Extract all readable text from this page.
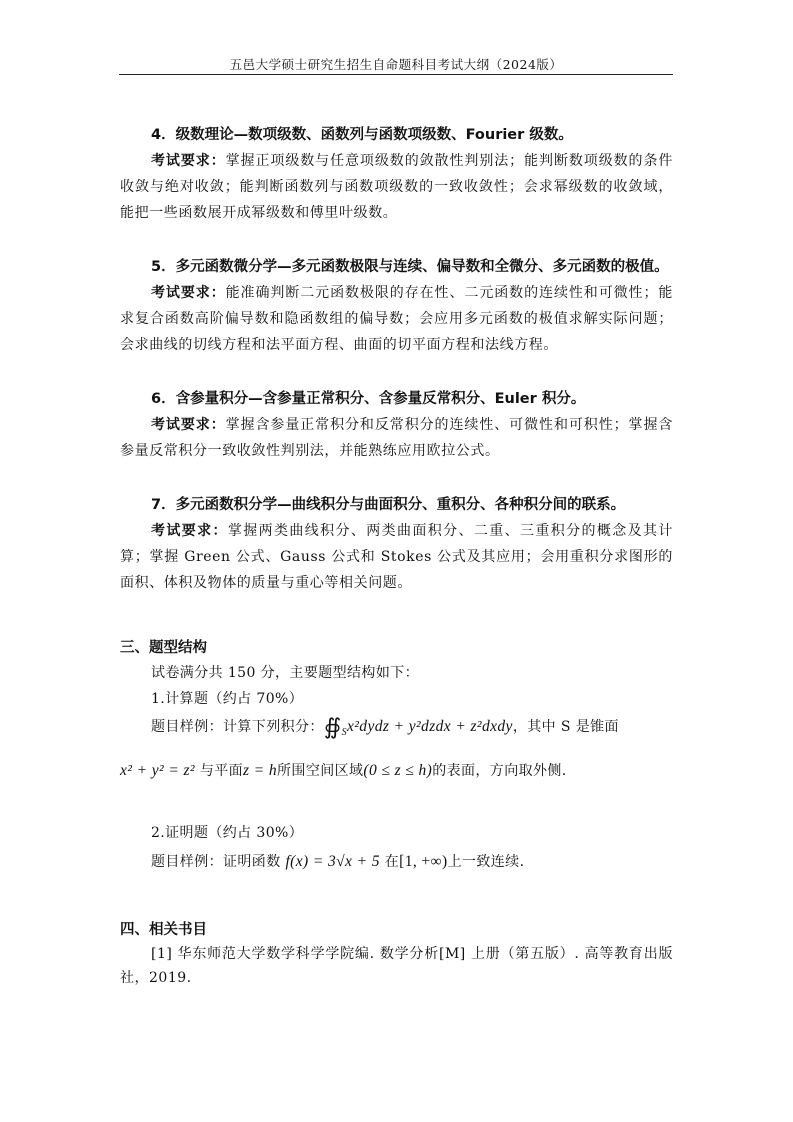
五邑大学硕士研究生招生自命题科目考试大纲（2024版）

4．级数理论—数项级数、函数列与函数项级数、Fourier 级数。

考试要求：掌握正项级数与任意项级数的敛散性判别法；能判断数项级数的条件收敛与绝对收敛；能判断函数列与函数项级数的一致收敛性；会求幂级数的收敛域，能把一些函数展开成幂级数和傅里叶级数。

5．多元函数微分学—多元函数极限与连续、偏导数和全微分、多元函数的极值。

考试要求：能准确判断二元函数极限的存在性、二元函数的连续性和可微性；能求复合函数高阶偏导数和隐函数组的偏导数；会应用多元函数的极值求解实际问题；会求曲线的切线方程和法平面方程、曲面的切平面方程和法线方程。

6．含参量积分—含参量正常积分、含参量反常积分、Euler 积分。

考试要求：掌握含参量正常积分和反常积分的连续性、可微性和可积性；掌握含参量反常积分一致收敛性判别法，并能熟练应用欧拉公式。

7．多元函数积分学—曲线积分与曲面积分、重积分、各种积分间的联系。

考试要求：掌握两类曲线积分、两类曲面积分、二重、三重积分的概念及其计算；掌握 Green 公式、Gauss 公式和 Stokes 公式及其应用；会用重积分求图形的面积、体积及物体的质量与重心等相关问题。

三、题型结构

试卷满分共 150 分，主要题型结构如下：

1.计算题（约占 70%）

题目样例：计算下列积分：$∯_Sx^2dydz$ + y²dzdx + z²dxdy，其中 S 是锥面

x² + y² = z² 与平面z = h所围空间区域(0 ≤ z ≤ h)的表面，方向取外侧.

2.证明题（约占 30%）

题目样例：证明函数 f(x) = 3√x + 5 在[1, +∞)上一致连续.

四、相关书目

[1] 华东师范大学数学科学学院编. 数学分析[M] 上册（第五版）. 高等教育出版社，2019.
